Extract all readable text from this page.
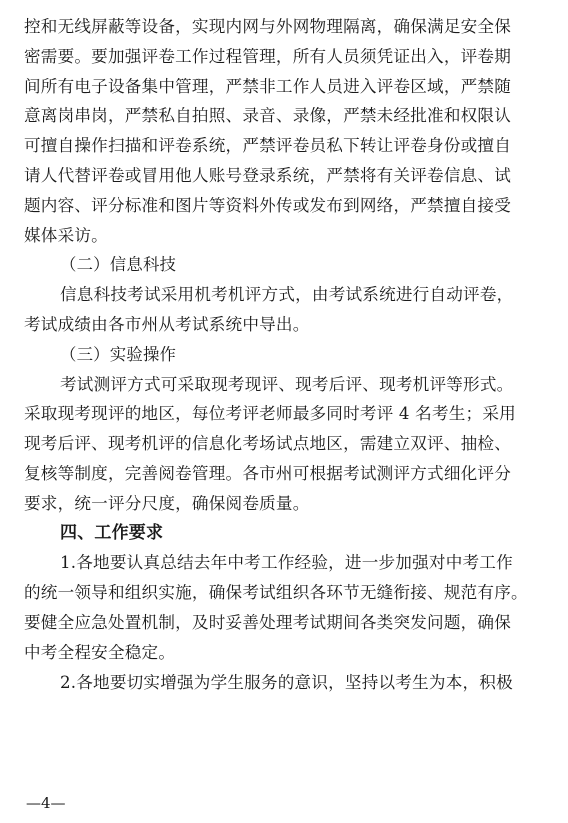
控和无线屏蔽等设备，实现内网与外网物理隔离，确保满足安全保
密需要。要加强评卷工作过程管理，所有人员须凭证出入，评卷期
间所有电子设备集中管理，严禁非工作人员进入评卷区域，严禁随
意离岗串岗，严禁私自拍照、录音、录像，严禁未经批准和权限认
可擅自操作扫描和评卷系统，严禁评卷员私下转让评卷身份或擅自
请人代替评卷或冒用他人账号登录系统，严禁将有关评卷信息、试
题内容、评分标准和图片等资料外传或发布到网络，严禁擅自接受
媒体采访。
（二）信息科技
信息科技考试采用机考机评方式，由考试系统进行自动评卷，
考试成绩由各市州从考试系统中导出。
（三）实验操作
考试测评方式可采取现考现评、现考后评、现考机评等形式。
采取现考现评的地区，每位考评老师最多同时考评 4 名考生；采用
现考后评、现考机评的信息化考场试点地区，需建立双评、抽检、
复核等制度，完善阅卷管理。各市州可根据考试测评方式细化评分
要求，统一评分尺度，确保阅卷质量。
四、工作要求
1.各地要认真总结去年中考工作经验，进一步加强对中考工作
的统一领导和组织实施，确保考试组织各环节无缝衔接、规范有序。
要健全应急处置机制，及时妥善处理考试期间各类突发问题，确保
中考全程安全稳定。
2.各地要切实增强为学生服务的意识，坚持以考生为本，积极
—4—
